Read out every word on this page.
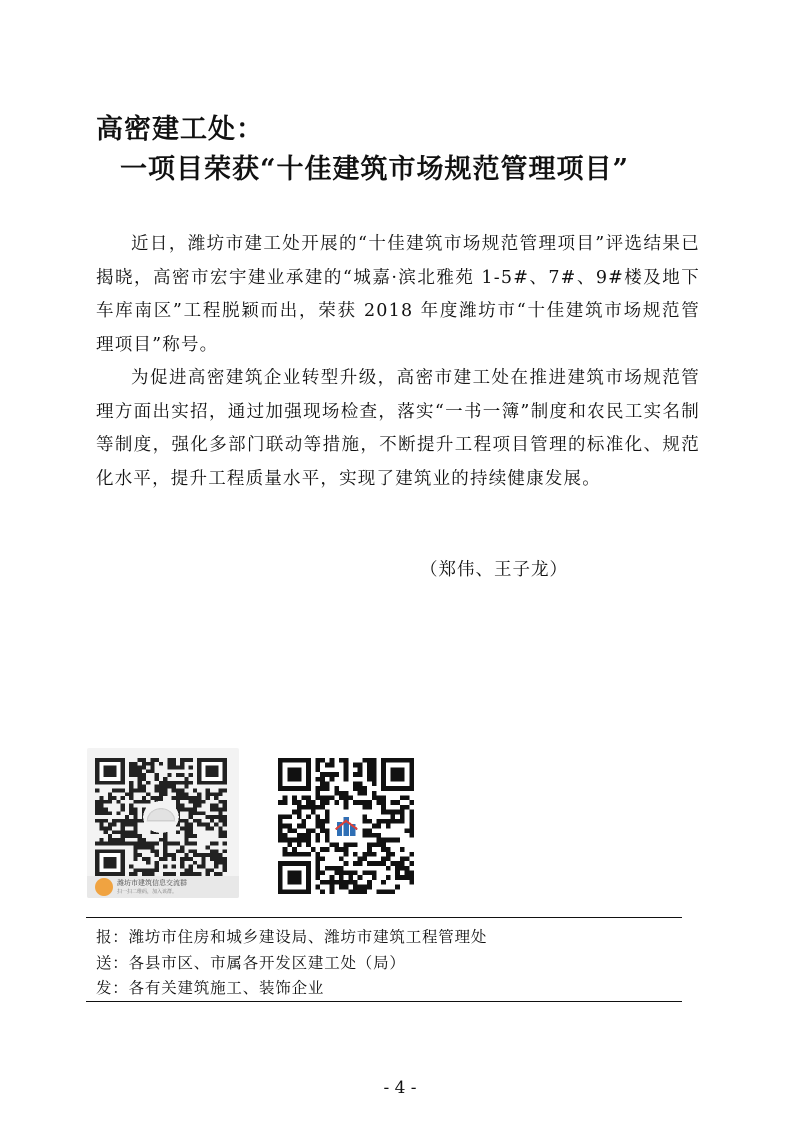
高密建工处：
一项目荣获“十佳建筑市场规范管理项目”

近日，潍坊市建工处开展的“十佳建筑市场规范管理项目”评选结果已揭晓，高密市宏宇建业承建的“城嘉·滨北雅苑 1-5#、7#、9#楼及地下车库南区”工程脱颖而出，荣获 2018 年度潍坊市“十佳建筑市场规范管理项目”称号。

为促进高密建筑企业转型升级，高密市建工处在推进建筑市场规范管理方面出实招，通过加强现场检查，落实“一书一簿”制度和农民工实名制等制度，强化多部门联动等措施，不断提升工程项目管理的标准化、规范化水平，提升工程质量水平，实现了建筑业的持续健康发展。

（郑伟、王子龙）
潍坊市建筑信息交流群
扫一扫二维码，加入该群。
报：潍坊市住房和城乡建设局、潍坊市建筑工程管理处
送：各县市区、市属各开发区建工处（局）
发：各有关建筑施工、装饰企业
- 4 -
